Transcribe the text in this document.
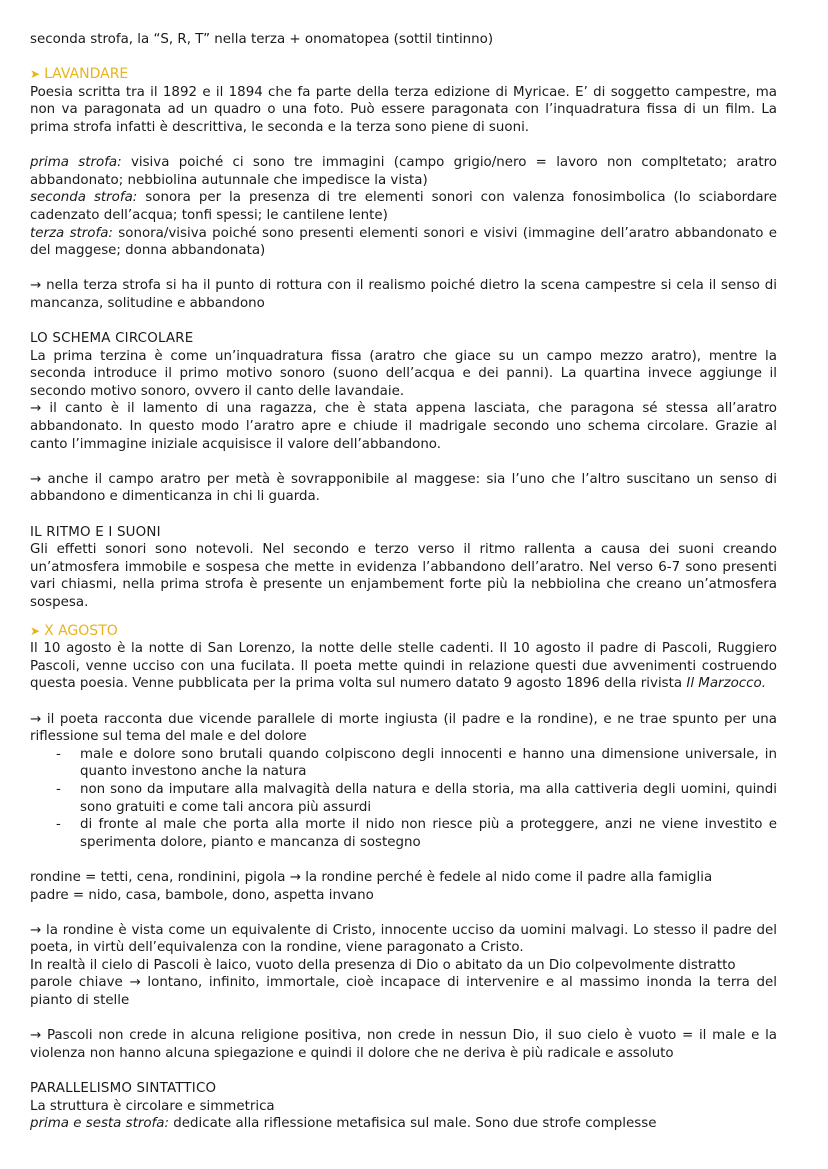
seconda strofa, la “S, R, T” nella terza + onomatopea (sottil tintinno)

➤ LAVANDARE

Poesia scritta tra il 1892 e il 1894 che fa parte della terza edizione di Myricae. E’ di soggetto campestre, ma non va paragonata ad un quadro o una foto. Può essere paragonata con l’inquadratura fissa di un film. La prima strofa infatti è descrittiva, le seconda e la terza sono piene di suoni.

prima strofa: visiva poiché ci sono tre immagini (campo grigio/nero = lavoro non compltetato; aratro abbandonato; nebbiolina autunnale che impedisce la vista)

seconda strofa: sonora per la presenza di tre elementi sonori con valenza fonosimbolica (lo sciabordare cadenzato dell’acqua; tonfi spessi; le cantilene lente)

terza strofa: sonora/visiva poiché sono presenti elementi sonori e visivi (immagine dell’aratro abbandonato e del maggese; donna abbandonata)

→ nella terza strofa si ha il punto di rottura con il realismo poiché dietro la scena campestre si cela il senso di mancanza, solitudine e abbandono

LO SCHEMA CIRCOLARE

La prima terzina è come un’inquadratura fissa (aratro che giace su un campo mezzo aratro), mentre la seconda introduce il primo motivo sonoro (suono dell’acqua e dei panni). La quartina invece aggiunge il secondo motivo sonoro, ovvero il canto delle lavandaie.

→ il canto è il lamento di una ragazza, che è stata appena lasciata, che paragona sé stessa all’aratro abbandonato. In questo modo l’aratro apre e chiude il madrigale secondo uno schema circolare. Grazie al canto l’immagine iniziale acquisisce il valore dell’abbandono.

→ anche il campo aratro per metà è sovrapponibile al maggese: sia l’uno che l’altro suscitano un senso di abbandono e dimenticanza in chi li guarda.

IL RITMO E I SUONI

Gli effetti sonori sono notevoli. Nel secondo e terzo verso il ritmo rallenta a causa dei suoni creando un’atmosfera immobile e sospesa che mette in evidenza l’abbandono dell’aratro. Nel verso 6-7 sono presenti vari chiasmi, nella prima strofa è presente un enjambement forte più la nebbiolina che creano un’atmosfera sospesa.

➤ X AGOSTO

Il 10 agosto è la notte di San Lorenzo, la notte delle stelle cadenti. Il 10 agosto il padre di Pascoli, Ruggiero Pascoli, venne ucciso con una fucilata. Il poeta mette quindi in relazione questi due avvenimenti costruendo questa poesia. Venne pubblicata per la prima volta sul numero datato 9 agosto 1896 della rivista Il Marzocco.

→ il poeta racconta due vicende parallele di morte ingiusta (il padre e la rondine), e ne trae spunto per una riflessione sul tema del male e del dolore

- male e dolore sono brutali quando colpiscono degli innocenti e hanno una dimensione universale, in quanto investono anche la natura
- non sono da imputare alla malvagità della natura e della storia, ma alla cattiveria degli uomini, quindi sono gratuiti e come tali ancora più assurdi
- di fronte al male che porta alla morte il nido non riesce più a proteggere, anzi ne viene investito e sperimenta dolore, pianto e mancanza di sostegno

rondine = tetti, cena, rondinini, pigola → la rondine perché è fedele al nido come il padre alla famiglia

padre = nido, casa, bambole, dono, aspetta invano

→ la rondine è vista come un equivalente di Cristo, innocente ucciso da uomini malvagi. Lo stesso il padre del poeta, in virtù dell’equivalenza con la rondine, viene paragonato a Cristo.

In realtà il cielo di Pascoli è laico, vuoto della presenza di Dio o abitato da un Dio colpevolmente distratto

parole chiave → lontano, infinito, immortale, cioè incapace di intervenire e al massimo inonda la terra del pianto di stelle

→ Pascoli non crede in alcuna religione positiva, non crede in nessun Dio, il suo cielo è vuoto = il male e la violenza non hanno alcuna spiegazione e quindi il dolore che ne deriva è più radicale e assoluto

PARALLELISMO SINTATTICO

La struttura è circolare e simmetrica

prima e sesta strofa: dedicate alla riflessione metafisica sul male. Sono due strofe complesse
